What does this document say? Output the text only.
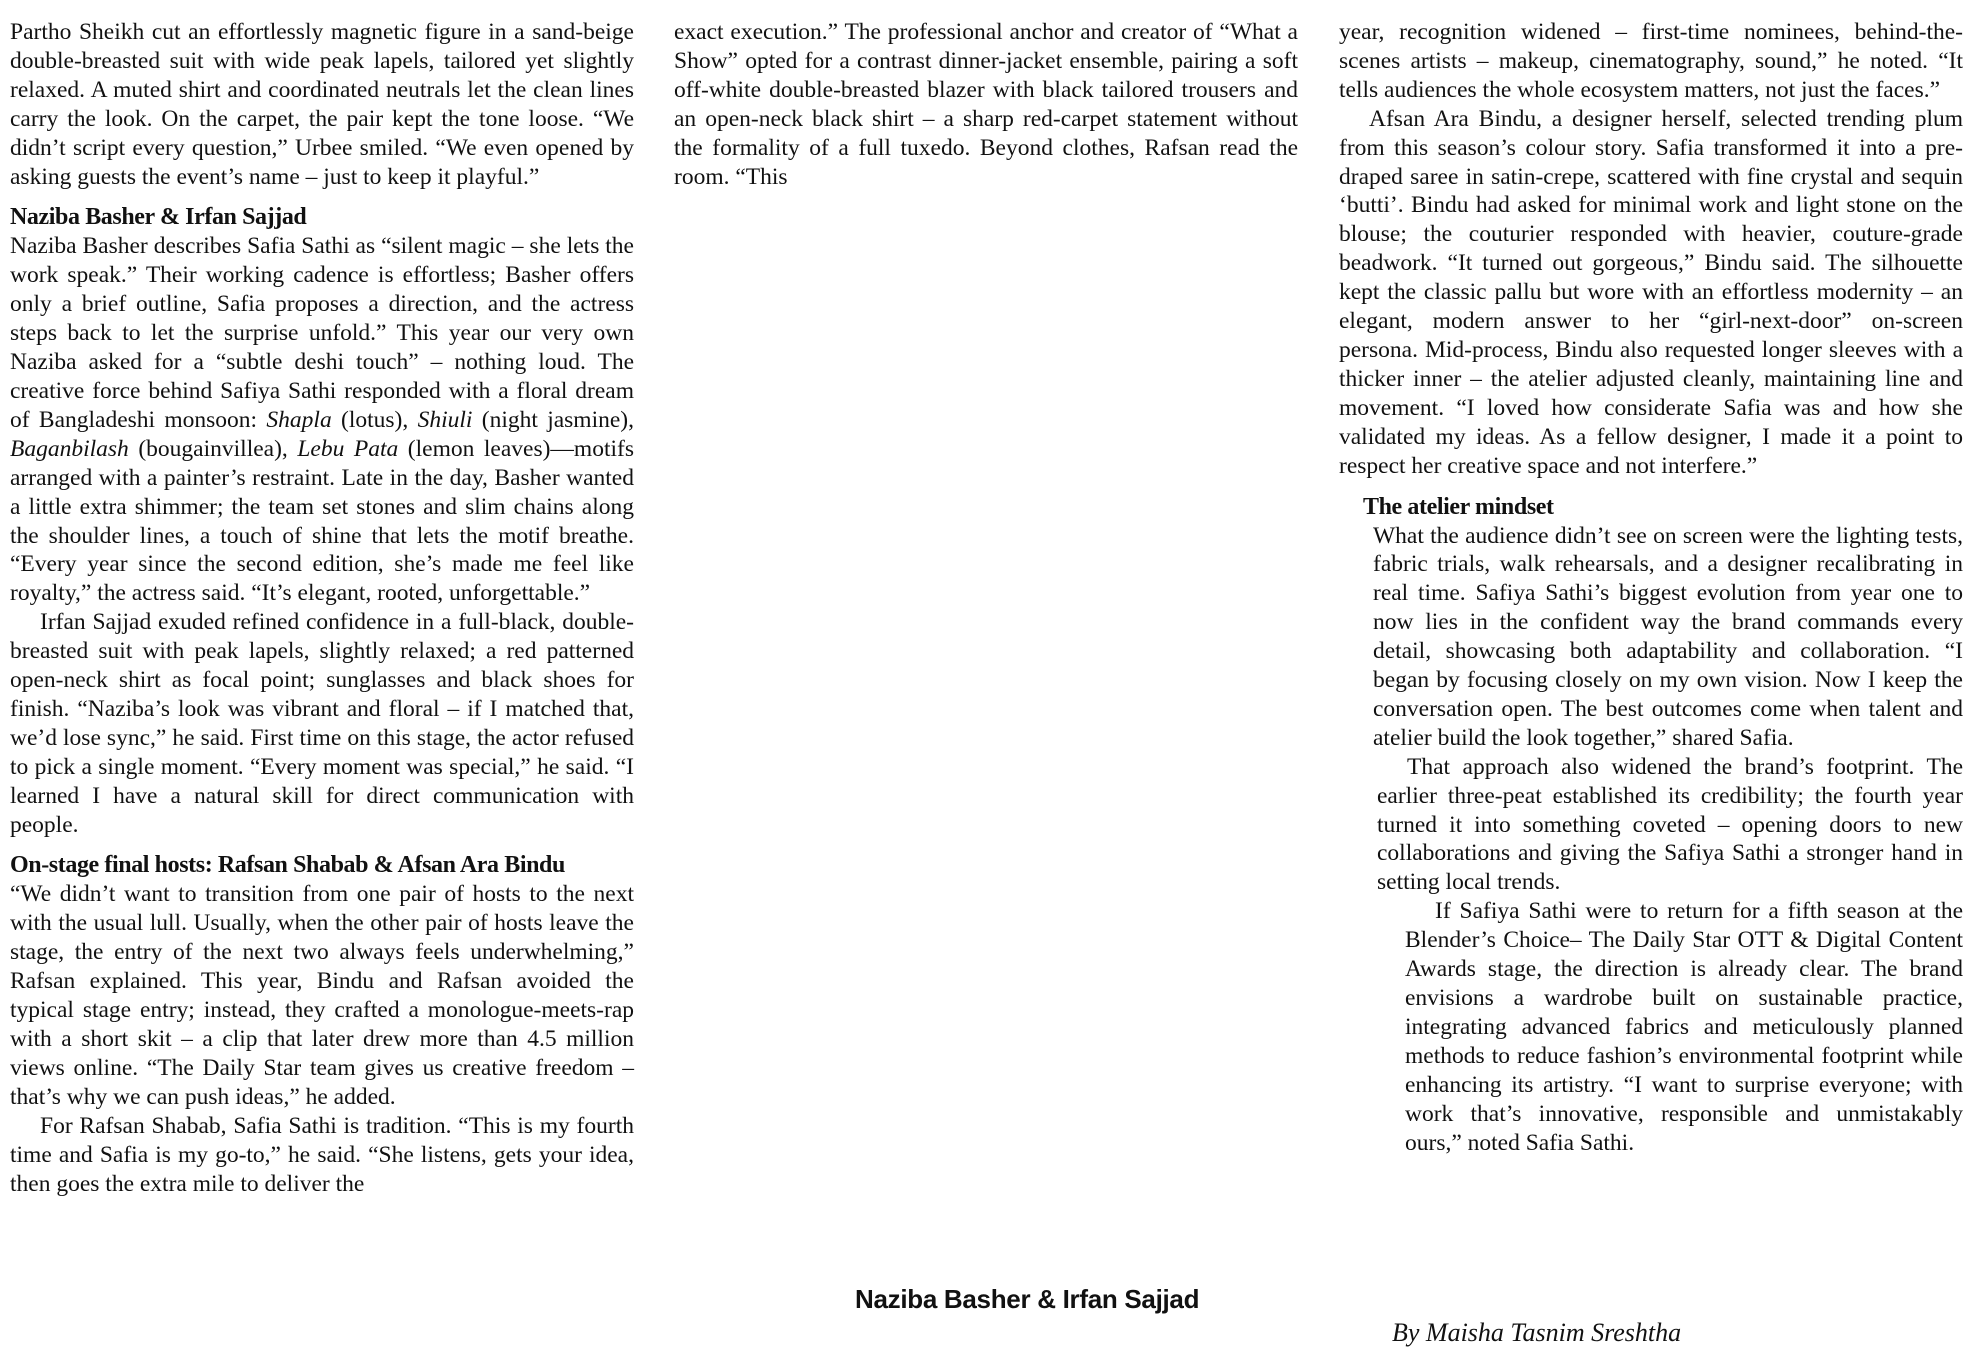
Partho Sheikh cut an effortlessly magnetic figure in a sand-beige double-breasted suit with wide peak lapels, tailored yet slightly relaxed. A muted shirt and coordinated neutrals let the clean lines carry the look. On the carpet, the pair kept the tone loose. “We didn’t script every question,” Urbee smiled. “We even opened by asking guests the event’s name – just to keep it playful.”

Naziba Basher & Irfan Sajjad

Naziba Basher describes Safia Sathi as “silent magic – she lets the work speak.” Their working cadence is effortless; Basher offers only a brief outline, Safia proposes a direction, and the actress steps back to let the surprise unfold.” This year our very own Naziba asked for a “subtle deshi touch” – nothing loud. The creative force behind Safiya Sathi responded with a floral dream of Bangladeshi monsoon: Shapla (lotus), Shiuli (night jasmine), Baganbilash (bougainvillea), Lebu Pata (lemon leaves)—motifs arranged with a painter’s restraint. Late in the day, Basher wanted a little extra shimmer; the team set stones and slim chains along the shoulder lines, a touch of shine that lets the motif breathe. “Every year since the second edition, she’s made me feel like royalty,” the actress said. “It’s elegant, rooted, unforgettable.”

Irfan Sajjad exuded refined confidence in a full-black, double-breasted suit with peak lapels, slightly relaxed; a red patterned open-neck shirt as focal point; sunglasses and black shoes for finish. “Naziba’s look was vibrant and floral – if I matched that, we’d lose sync,” he said. First time on this stage, the actor refused to pick a single moment. “Every moment was special,” he said. “I learned I have a natural skill for direct communication with people.

On-stage final hosts: Rafsan Shabab & Afsan Ara Bindu

“We didn’t want to transition from one pair of hosts to the next with the usual lull. Usually, when the other pair of hosts leave the stage, the entry of the next two always feels underwhelming,” Rafsan explained. This year, Bindu and Rafsan avoided the typical stage entry; instead, they crafted a monologue-meets-rap with a short skit – a clip that later drew more than 4.5 million views online. “The Daily Star team gives us creative freedom – that’s why we can push ideas,” he added.

For Rafsan Shabab, Safia Sathi is tradition. “This is my fourth time and Safia is my go-to,” he said. “She listens, gets your idea, then goes the extra mile to deliver the

exact execution.” The professional anchor and creator of “What a Show” opted for a contrast dinner-jacket ensemble, pairing a soft off-white double-breasted blazer with black tailored trousers and an open-neck black shirt – a sharp red-carpet statement without the formality of a full tuxedo. Beyond clothes, Rafsan read the room. “This

Naziba Basher & Irfan Sajjad

year, recognition widened – first-time nominees, behind-the-scenes artists – makeup, cinematography, sound,” he noted. “It tells audiences the whole ecosystem matters, not just the faces.”

Afsan Ara Bindu, a designer herself, selected trending plum from this season’s colour story. Safia transformed it into a pre-draped saree in satin-crepe, scattered with fine crystal and sequin ‘butti’. Bindu had asked for minimal work and light stone on the blouse; the couturier responded with heavier, couture-grade beadwork. “It turned out gorgeous,” Bindu said. The silhouette kept the classic pallu but wore with an effortless modernity – an elegant, modern answer to her “girl-next-door” on-screen persona. Mid-process, Bindu also requested longer sleeves with a thicker inner – the atelier adjusted cleanly, maintaining line and movement. “I loved how considerate Safia was and how she validated my ideas. As a fellow designer, I made it a point to respect her creative space and not interfere.”

The atelier mindset

What the audience didn’t see on screen were the lighting tests, fabric trials, walk rehearsals, and a designer recalibrating in real time. Safiya Sathi’s biggest evolution from year one to now lies in the confident way the brand commands every detail, showcasing both adaptability and collaboration. “I began by focusing closely on my own vision. Now I keep the conversation open. The best outcomes come when talent and atelier build the look together,” shared Safia.

That approach also widened the brand’s footprint. The earlier three-peat established its credibility; the fourth year turned it into something coveted – opening doors to new collaborations and giving the Safiya Sathi a stronger hand in setting local trends.

If Safiya Sathi were to return for a fifth season at the Blender’s Choice– The Daily Star OTT & Digital Content Awards stage, the direction is already clear. The brand envisions a wardrobe built on sustainable practice, integrating advanced fabrics and meticulously planned methods to reduce fashion’s environmental footprint while enhancing its artistry. “I want to surprise everyone; with work that’s innovative, responsible and unmistakably ours,” noted Safia Sathi.

By Maisha Tasnim Sreshtha
